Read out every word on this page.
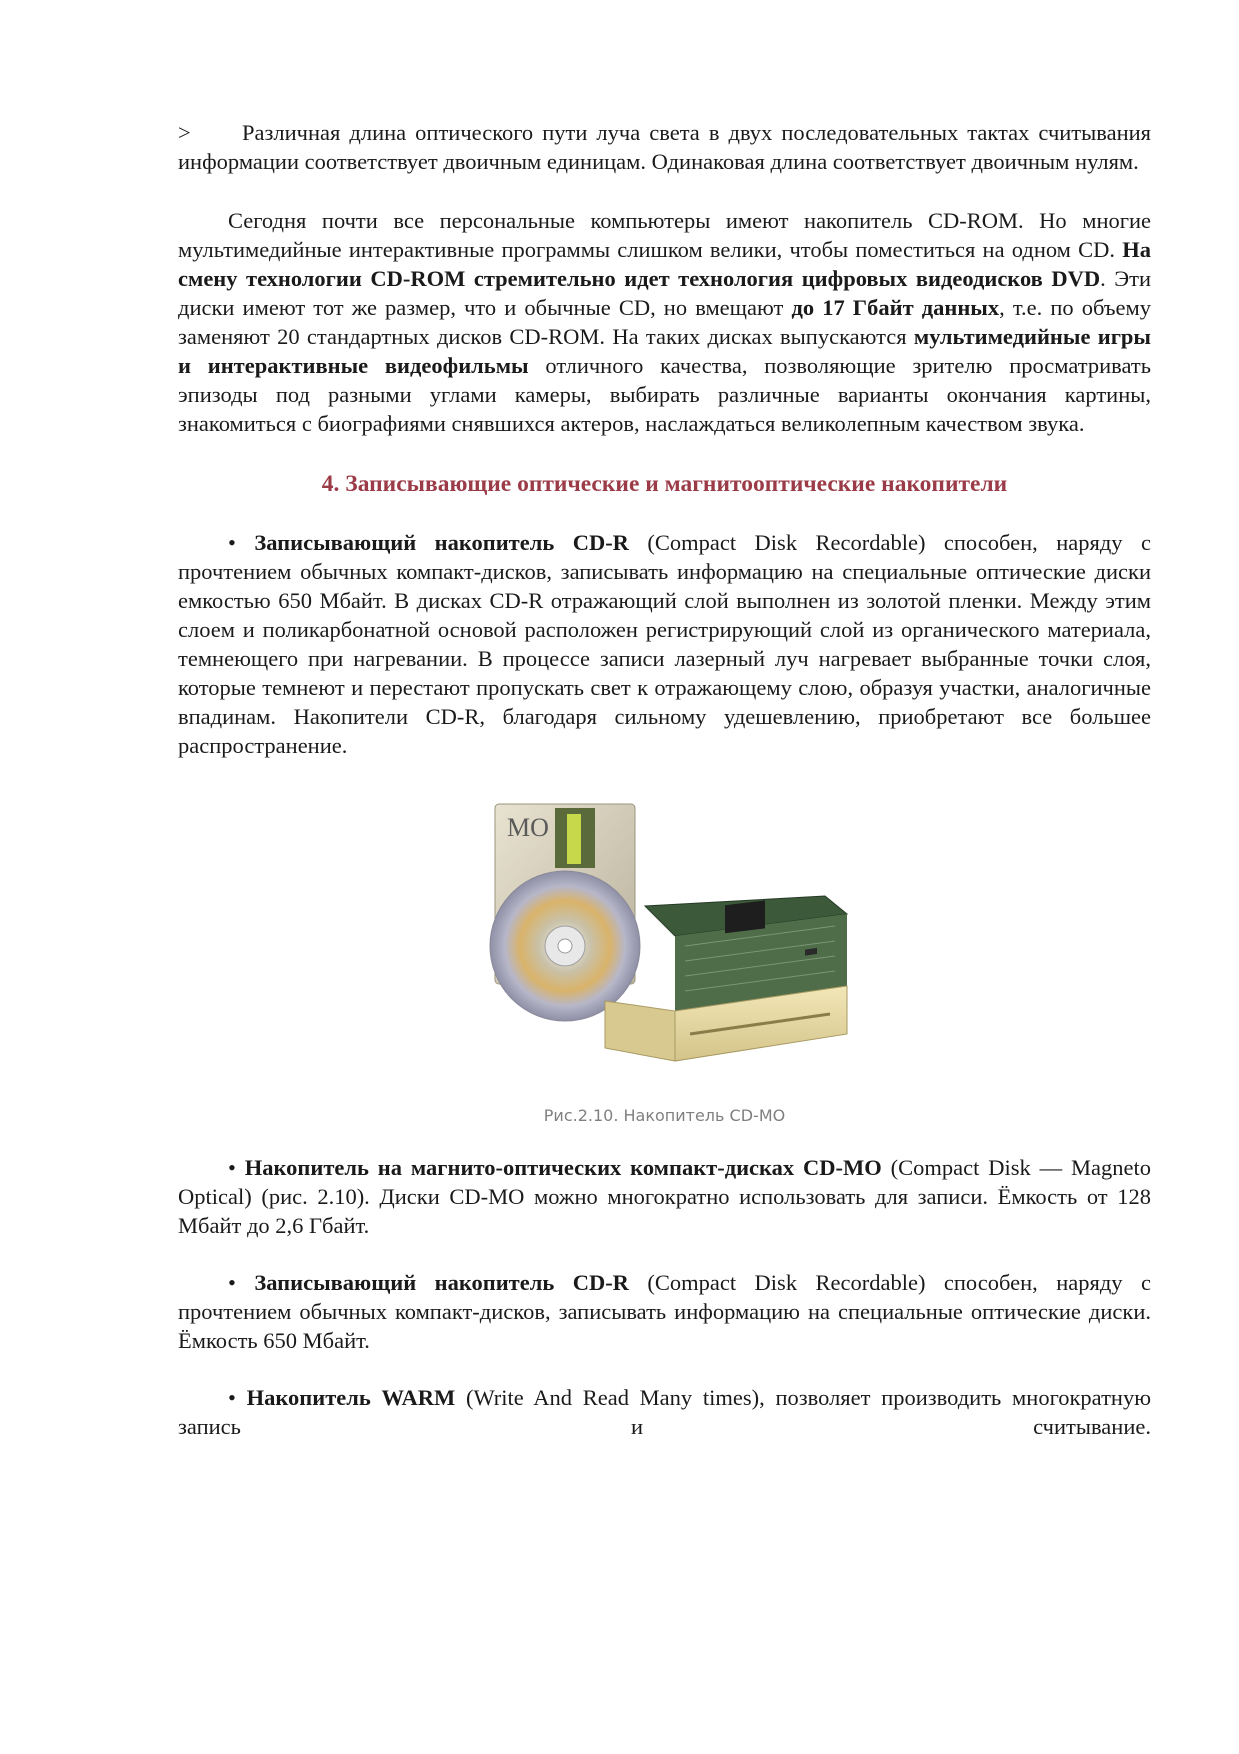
> Различная длина оптического пути луча света в двух последовательных тактах считывания информации соответствует двоичным единицам. Одинаковая длина соответствует двоичным нулям.

Сегодня почти все персональные компьютеры имеют накопитель CD-ROM. Но многие мультимедийные интерактивные программы слишком велики, чтобы поместиться на одном CD. На смену технологии CD-ROM стремительно идет технология цифровых видеодисков DVD. Эти диски имеют тот же размер, что и обычные CD, но вмещают до 17 Гбайт данных, т.е. по объему заменяют 20 стандартных дисков CD-ROM. На таких дисках выпускаются мультимедийные игры и интерактивные видеофильмы отличного качества, позволяющие зрителю просматривать эпизоды под разными углами камеры, выбирать различные варианты окончания картины, знакомиться с биографиями снявшихся актеров, наслаждаться великолепным качеством звука.

4. Записывающие оптические и магнитооптические накопители

• Записывающий накопитель CD-R (Compact Disk Recordable) способен, наряду с прочтением обычных компакт-дисков, записывать информацию на специальные оптические диски емкостью 650 Мбайт. В дисках CD-R отражающий слой выполнен из золотой пленки. Между этим слоем и поликарбонатной основой расположен регистрирующий слой из органического материала, темнеющего при нагревании. В процессе записи лазерный луч нагревает выбранные точки слоя, которые темнеют и перестают пропускать свет к отражающему слою, образуя участки, аналогичные впадинам. Накопители CD-R, благодаря сильному удешевлению, приобретают все большее распространение.

MO
Рис.2.10. Накопитель CD-MO

• Накопитель на магнито-оптических компакт-дисках CD-MO (Compact Disk — Magneto Optical) (рис. 2.10). Диски CD-MO можно многократно использовать для записи. Ёмкость от 128 Мбайт до 2,6 Гбайт.

• Записывающий накопитель CD-R (Compact Disk Recordable) способен, наряду с прочтением обычных компакт-дисков, записывать информацию на специальные оптические диски. Ёмкость 650 Мбайт.

• Накопитель WARM (Write And Read Many times), позволяет производить многократную запись и считывание.
